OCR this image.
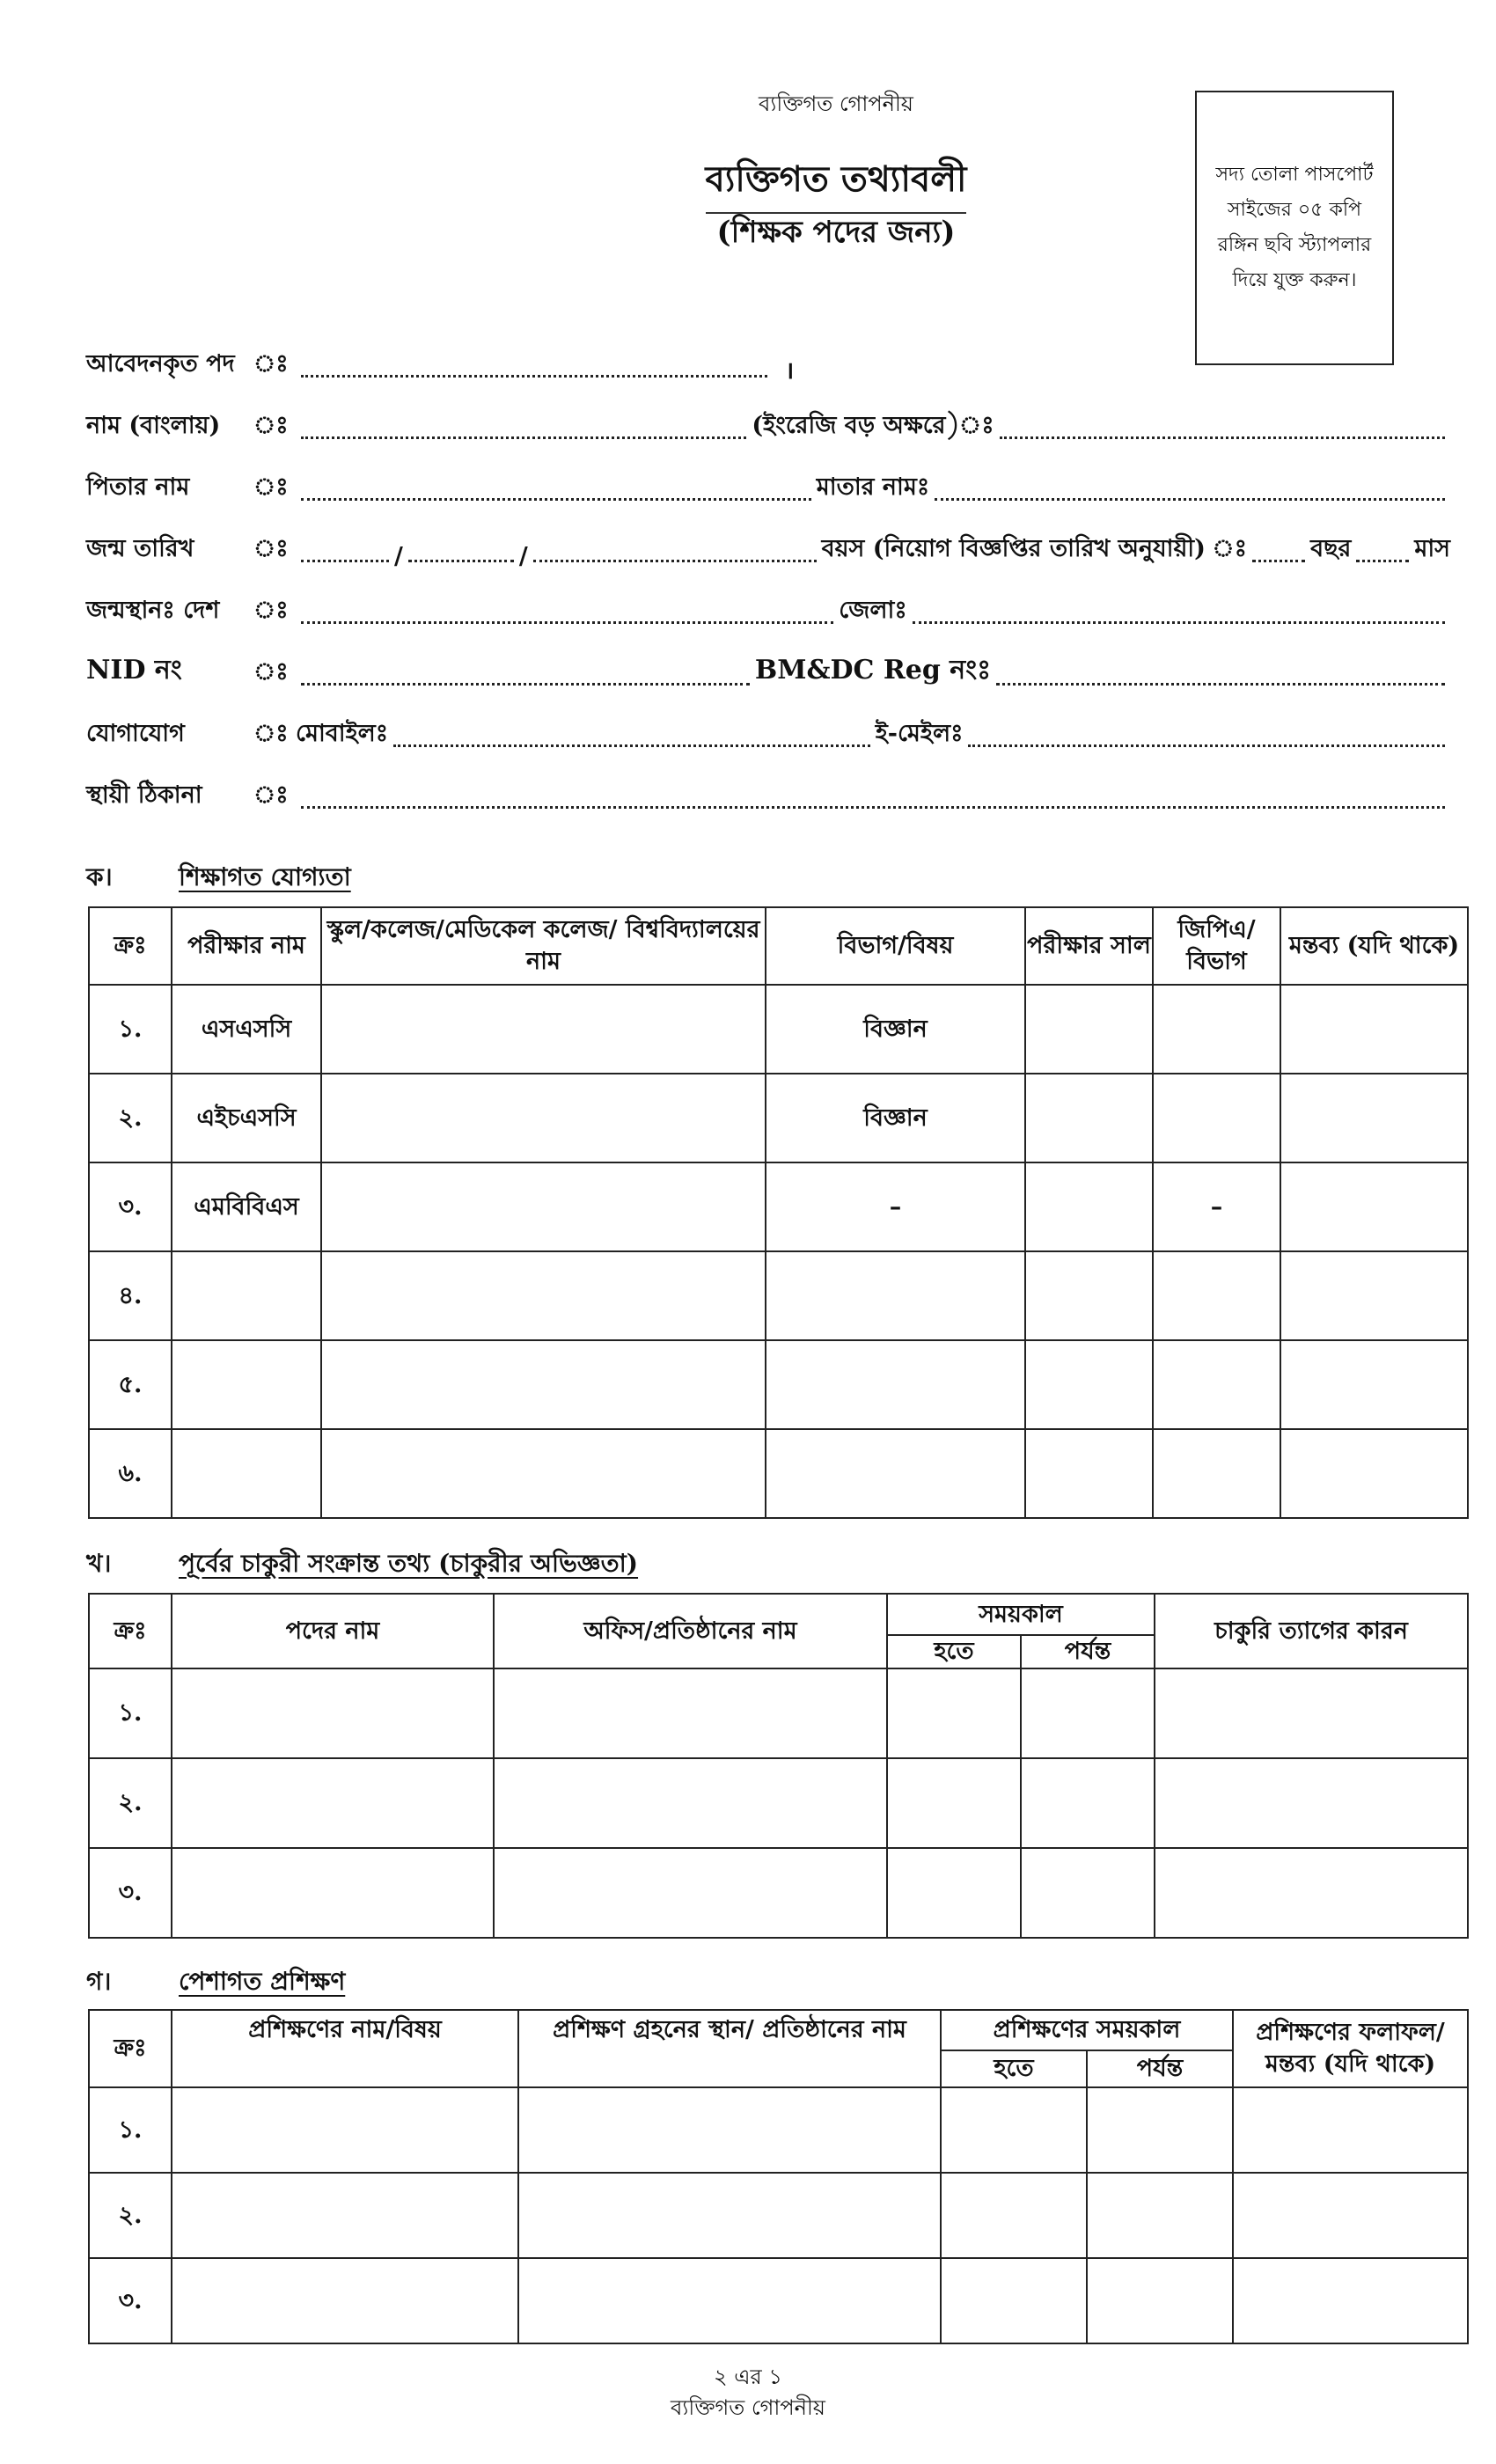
ব্যক্তিগত গোপনীয়
ব্যক্তিগত তথ্যাবলী
(শিক্ষক পদের জন্য)
সদ্য তোলা পাসপোর্ট সাইজের ০৫ কপি রঙ্গিন ছবি স্ট্যাপলার দিয়ে যুক্ত করুন।
আবেদনকৃত পদ ঃ	।
নাম (বাংলায়)	ঃ	(ইংরেজি বড় অক্ষরে)ঃ
পিতার নাম	ঃ	মাতার নামঃ
জন্ম তারিখ	ঃ	/	/	বয়স (নিয়োগ বিজ্ঞপ্তির তারিখ অনুযায়ী) ঃ	বছর	মাস
জন্মস্থানঃ দেশ	ঃ	জেলাঃ
NID নং	ঃ	BM&DC Reg নংঃ
যোগাযোগ	ঃ মোবাইলঃ	ই-মেইলঃ
স্থায়ী ঠিকানা	ঃ
ক।	শিক্ষাগত যোগ্যতা
ক্রঃ	পরীক্ষার নাম	স্কুল/কলেজ/মেডিকেল কলেজ/ বিশ্ববিদ্যালয়ের নাম	বিভাগ/বিষয়	পরীক্ষার সাল	জিপিএ/ বিভাগ	মন্তব্য (যদি থাকে)
১.	এসএসসি		বিজ্ঞান			
২.	এইচএসসি		বিজ্ঞান			
৩.	এমবিবিএস		–		–	
৪.						
৫.						
৬.						
খ।	পূর্বের চাকুরী সংক্রান্ত তথ্য (চাকুরীর অভিজ্ঞতা)
ক্রঃ	পদের নাম	অফিস/প্রতিষ্ঠানের নাম	সময়কাল		চাকুরি ত্যাগের কারন
			হতে	পর্যন্ত	
১.					
২.					
৩.					
গ।	পেশাগত প্রশিক্ষণ
ক্রঃ	প্রশিক্ষণের নাম/বিষয়	প্রশিক্ষণ গ্রহনের স্থান/ প্রতিষ্ঠানের নাম	প্রশিক্ষণের সময়কাল		প্রশিক্ষণের ফলাফল/ মন্তব্য (যদি থাকে)
			হতে	পর্যন্ত	
১.					
২.					
৩.					
২ এর ১
ব্যক্তিগত গোপনীয়
